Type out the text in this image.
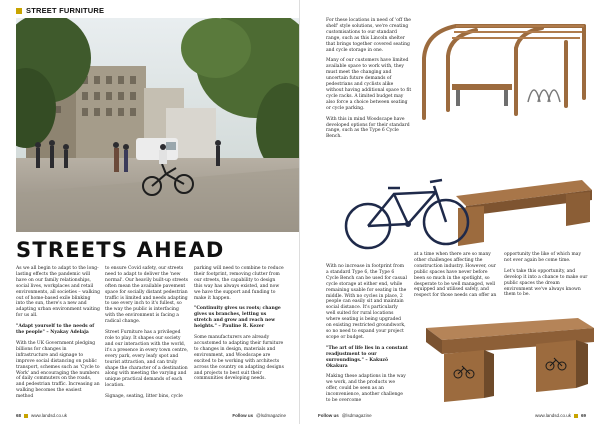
STREET FURNITURE
STREETS AHEAD

As we all begin to adapt to the long-lasting effects the pandemic will have on our family relationships, social lives, workplaces and retail environments, all societies – walking out of home-based exile blinking into the sun, there's a new and adapting urban environment waiting for us all.

"Adapt yourself to the needs of the people" – Nyakay Adelaja

With the UK Government pledging billions for changes in infrastructure and signage to improve social distancing on public transport, schemes such as 'Cycle to Work' and encouraging the numbers of daily commuters on the roads, and pedestrian traffic. Increasing an walking becomes the easiest method

to ensure Covid safety, our streets need to adapt to deliver the 'new normal'. Our heavily built-up streets often mean the available pavement space for socially distant pedestrian traffic is limited and needs adapting to use every inch to it's fullest, so the way the public is interfacing with the environment is facing a radical change.

Street Furniture has a privileged role to play. It shapes our society and our interaction with the world, it's a presence in every town centre, every park, every leafy spot and tourist attraction, and can truly shape the character of a destination along with meeting the varying and unique practical demands of each location.

Signage, seating, litter bins, cycle

parking will need to combine to reduce their footprint, removing clutter from our streets, the capability to design this way has always existed, and now we have the support and funding to make it happen.

"Continuity gives us roots; change gives us branches, letting us stretch and grow and reach new heights." – Pauline R. Kezer

Some manufacturers are already accustomed to adapting their furniture to changes in design, materials and environment, and Woodscape are excited to be working with architects across the country on adapting designs and projects to best suit their communities developing needs.

68 www.landsd.co.uk	Follow us @lsdmagazine

For these locations in need of 'off the shelf' style solutions, we're creating customisations to our standard range, such as this Lincoln shelter that brings together covered seating and cycle storage in one.

Many of our customers have limited available space to work with, they must meet the changing and uncertain future demands of pedestrians and cyclists alike without having additional space to fit cycle racks. A limited budget may also force a choice between seating or cycle parking.

With this in mind Woodscape have developed options for their standard range, such as the Type 6 Cycle Bench.

With no increase in footprint from a standard Type 6, the Type 6 Cycle Bench can be used for casual cycle storage at either end, while remaining usable for seating in the middle. With no cycles in place, 2 people can easily sit and maintain social distance. It's particularly well suited for rural locations where seating is being upgraded on existing restricted groundwork, so no need to expand your project scope or budget.

"The art of life lies in a constant readjustment to our surroundings." – Kakuzō Okakura

Making these adaptions in the way we work, and the products we offer, could be seen as an inconvenience, another challenge to be overcome

at a time when there are so many other challenges affecting the construction industry. However, our public spaces have never before been so much in the spotlight, so desperate to be well managed, well equipped and utilised safely, and respect for those needs can offer an

opportunity the like of which may not ever again be come time.

Let's take this opportunity, and develop it into a chance to make our public spaces the dream environment we've always known them to be.

Follow us @lsdmagazine	www.landsd.co.uk 69
